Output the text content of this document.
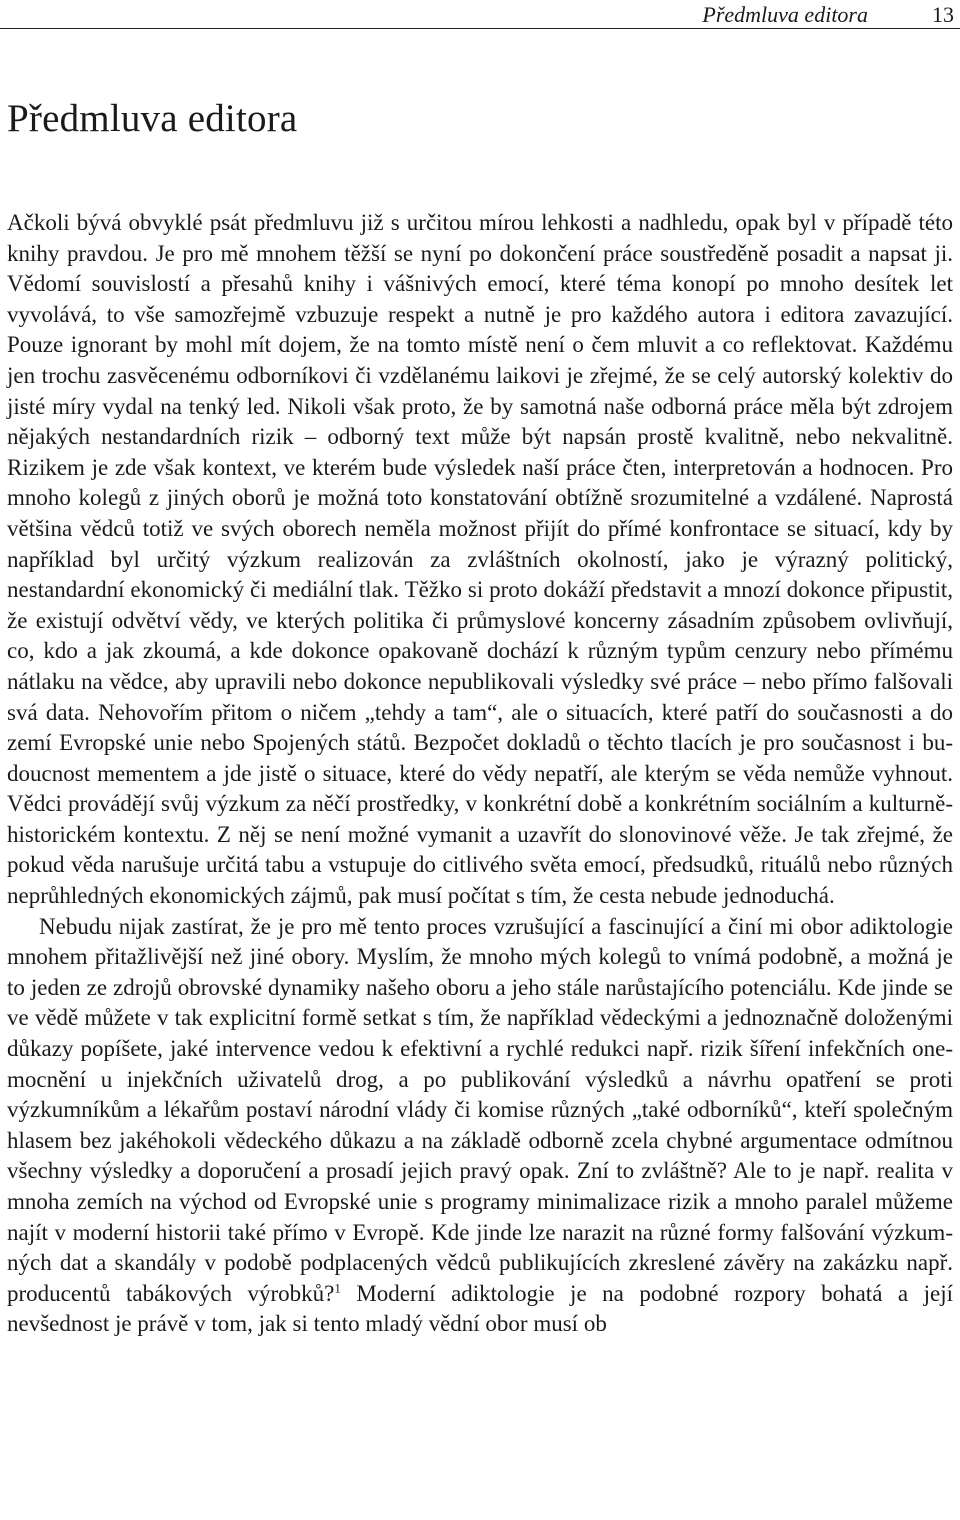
Předmluva editora	13
Předmluva editora

Ačkoli bývá obvyklé psát předmluvu již s určitou mírou lehkosti a nadhledu, opak byl v případě této knihy pravdou. Je pro mě mnohem těžší se nyní po dokončení práce soustředěně posadit a napsat ji. Vědomí souvislostí a přesahů knihy i vášnivých emocí, které téma konopí po mnoho desítek let vyvolává, to vše samozřejmě vzbuzuje respekt a nutně je pro každého autora i editora zavazující. Pouze ignorant by mohl mít dojem, že na tomto místě není o čem mluvit a co reflektovat. Každému jen trochu zasvěcenému odborníkovi či vzdělanému laikovi je zřejmé, že se celý autorský kolektiv do jisté míry vydal na tenký led. Nikoli však proto, že by samotná naše odborná práce měla být zdrojem nějakých nestandardních rizik – odborný text může být napsán prostě kvalitně, nebo nekvalitně. Rizikem je zde však kontext, ve kterém bude výsledek naší práce čten, interpretován a hodnocen. Pro mnoho kolegů z jiných oborů je možná toto konstatování obtížně srozumitelné a vzdálené. Naprostá většina vědců totiž ve svých oborech neměla možnost přijít do přímé konfrontace se situací, kdy by například byl určitý výzkum realizován za zvláštních okolností, jako je výrazný politický, nestandardní ekonomický či mediální tlak. Těžko si proto dokáží představit a mnozí dokonce připustit, že existují odvětví vědy, ve kterých politika či průmyslové koncerny zásadním způsobem ovlivňují, co, kdo a jak zkoumá, a kde dokonce opakovaně dochází k různým typům cenzury nebo přímému nátlaku na vědce, aby upravili nebo dokonce nepublikovali výsledky své práce – nebo přímo falšovali svá data. Nehovořím přitom o ničem „tehdy a tam“, ale o situacích, které patří do současnosti a do zemí Evropské unie nebo Spojených států. Bezpočet dokladů o těchto tlacích je pro současnost i budoucnost mementem a jde jistě o situace, které do vědy nepatří, ale kterým se věda nemůže vyhnout. Vědci provádějí svůj výzkum za něčí prostředky, v konkrétní době a konkrétním sociálním a kulturně-historickém kontextu. Z něj se není možné vymanit a uzavřít do slonovinové věže. Je tak zřejmé, že pokud věda narušuje určitá tabu a vstupuje do citlivého světa emocí, předsudků, rituálů nebo různých neprůhledných ekonomických zájmů, pak musí počítat s tím, že cesta nebude jednoduchá.

Nebudu nijak zastírat, že je pro mě tento proces vzrušující a fascinující a činí mi obor adiktologie mnohem přitažlivější než jiné obory. Myslím, že mnoho mých kolegů to vnímá podobně, a možná je to jeden ze zdrojů obrovské dynamiky našeho oboru a jeho stále narůstajícího potenciálu. Kde jinde se ve vědě můžete v tak explicitní formě setkat s tím, že například vědeckými a jednoznačně doloženými důkazy popíšete, jaké intervence vedou k efektivní a rychlé redukci např. rizik šíření infekčních onemocnění u injekčních uživatelů drog, a po publikování výsledků a návrhu opatření se proti výzkumníkům a lékařům postaví národní vlády či komise různých „také odborníků“, kteří společným hlasem bez jakéhokoli vědeckého důkazu a na základě odborně zcela chybné argumentace odmítnou všechny výsledky a doporučení a prosadí jejich pravý opak. Zní to zvláštně? Ale to je např. realita v mnoha zemích na východ od Evropské unie s programy minimalizace rizik a mnoho paralel můžeme najít v moderní historii také přímo v Evropě. Kde jinde lze narazit na různé formy falšování výzkumných dat a skandály v podobě podplacených vědců publikujících zkreslené závěry na zakázku např. producentů tabákových výrobků?$^1$ Moderní adiktologie je na podobné rozpory bohatá a její nevšednost je právě v tom, jak si tento mladý vědní obor musí ob
